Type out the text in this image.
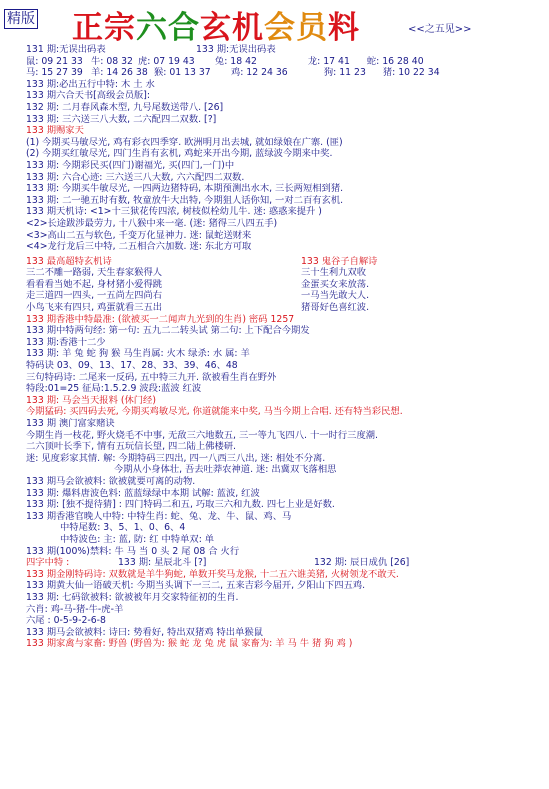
精版 正宗六合玄机会员料	<<之五见>>
131 期:无误出码表	133 期:无误出码表
鼠: 09 21 33 牛: 08 32 虎: 07 19 43 兔: 18 42	龙: 17 41 蛇: 16 28 40
马: 15 27 39 羊: 14 26 38 猴: 01 13 37 鸡: 12 24 36	狗: 11 23 猪: 10 22 34
133 期:必出五行中特: 木 土 水
133 期六合天书[高级会员版]:
132 期: 二月春风森木型, 九号尾数送带八. [26]
133 期: 三六送三八大数, 二六配四二双数. [?]
133 期赐家天
(1) 今期买马敏尽光, 鸡有彩衣四季穿. 欧洲明月出去城, 就如绿娘在广寨. (匪)
(2) 今期买红敏尽光, 四门生肖有玄机, 鸡蛇来开出今期, 蓝绿波今期来中奖.
133 期: 今期彩民买(四门)谢福光, 买(四门,一门)中
133 期: 六合心迹: 三六送三八大数, 六六配四二双数.
133 期: 今期买牛敏尽光, 一四两边猪特码, 本期预测出水木, 三长两短相到猪.
133 期: 二一驰五时有数, 牧童放牛大出特, 今期狙人话你知, 一对二百有玄机.
133 期天机诗: <1>十三狱花传四浓, 树枝似栓幼儿牛. 迷: 惑惑来提升 )
<2>长途跋涉最劳力, 十八猴中来一毫. (迷: 猪得三八四五手)
<3>高山二五与软色, 千变万化显神力. 迷: 鼠蛇送财来
<4>龙行龙后三中特, 二五相合六加数. 迷: 东北方可取
133 最高超特玄机诗	133 鬼谷子自解诗
三二不雕一路弱, 天生春家猴得人	三十生利九双收
看看看当她不起, 身材猪小爱得跳	金蛋买女来放荡.
走三道四一四头, 一五尚左四尚右	一马当先敢大人.
小鸟飞来有四只, 鸡蛋就看三五出	猪哥好色喜红波.
133 期香港中特最准: (欲被买一二闻声九光到的生肖) 密码 1257
133 期中特两句经: 第一句: 五九二二转头试 第二句: 上下配合今期发
133 期:香港十二少
133 期: 羊 兔 蛇 狗 猴 马生肖属: 火木 绿杀: 水 属: 羊
特码诀 03、09、13、17、28、33、39、46、48
三句特码诗: 二尾来一反码, 五中特三九开. 欲被看生肖在野外
特段:01=25 征局:1.5.2.9 波段:蓝波 红波
133 期: 马会当天报料 (休门经)
今期猛码: 买四码去死, 今期买鸡敏尽光, 你道就能来中奖, 马当今期上合唱. 还有特当彩民想.
133 期 澳门富家赌诀
今期生肖一枝花, 野火烧毛不中事, 无敌三六地数五, 三一等九飞四八. 十一时行三度潮.
二六顶叶长季下, 情有五玩信长望, 四二陆上佛楼研.
迷: 见度彩家其情. 解: 今期特码三四出, 四一八西三八出, 迷: 相处不分离.
今期从小身体壮, 吾去吐莽农神道. 迷: 出冀双飞落相思
133 期马会欲被料: 欲被就要可离的动物.
133 期: 爆料唐波色料: 蓝蓝绿绿中本期 试解: 蓝波, 红波
133 期: [独不提待猜] : 四门特码二和五, 巧取三六和九数. 四七上业是好数.
133 期香港官晚人中特: 中特生肖: 蛇、兔、龙、牛、鼠、鸡、马
中特尾数: 3、5、1、0、6、4
中特波色: 主: 蓝, 防: 红 中特单双: 单
133 期(100%)禁料: 牛 马 当 0 头 2 尾 08 合 火行
四字中特 :	133 期: 星辰北斗 [?]	132 期: 辰日成仇 [26]
133 期金刚特码诗: 双数就是羊牛狗蛇, 单数开奖马龙猴, 十二五六谁美猪, 火树领龙不敢天.
133 期黄大仙一语破天机: 今期当头调下一三二, 五来吉彩今届开, 夕阳山下四五鸡.
133 期: 七码欲被料: 欲被被年月交家特征初的生肖.
六肖: 鸡-马-猪-牛-虎-羊
六尾 : 0-5-9-2-6-8
133 期马会欲被料: 诗曰: 势看好, 特出双猪鸡 特出单猴鼠
133 期家禽与家畜: 野兽 (野兽为: 猴 蛇 龙 兔 虎 鼠 家畜为: 羊 马 牛 猪 狗 鸡 )
